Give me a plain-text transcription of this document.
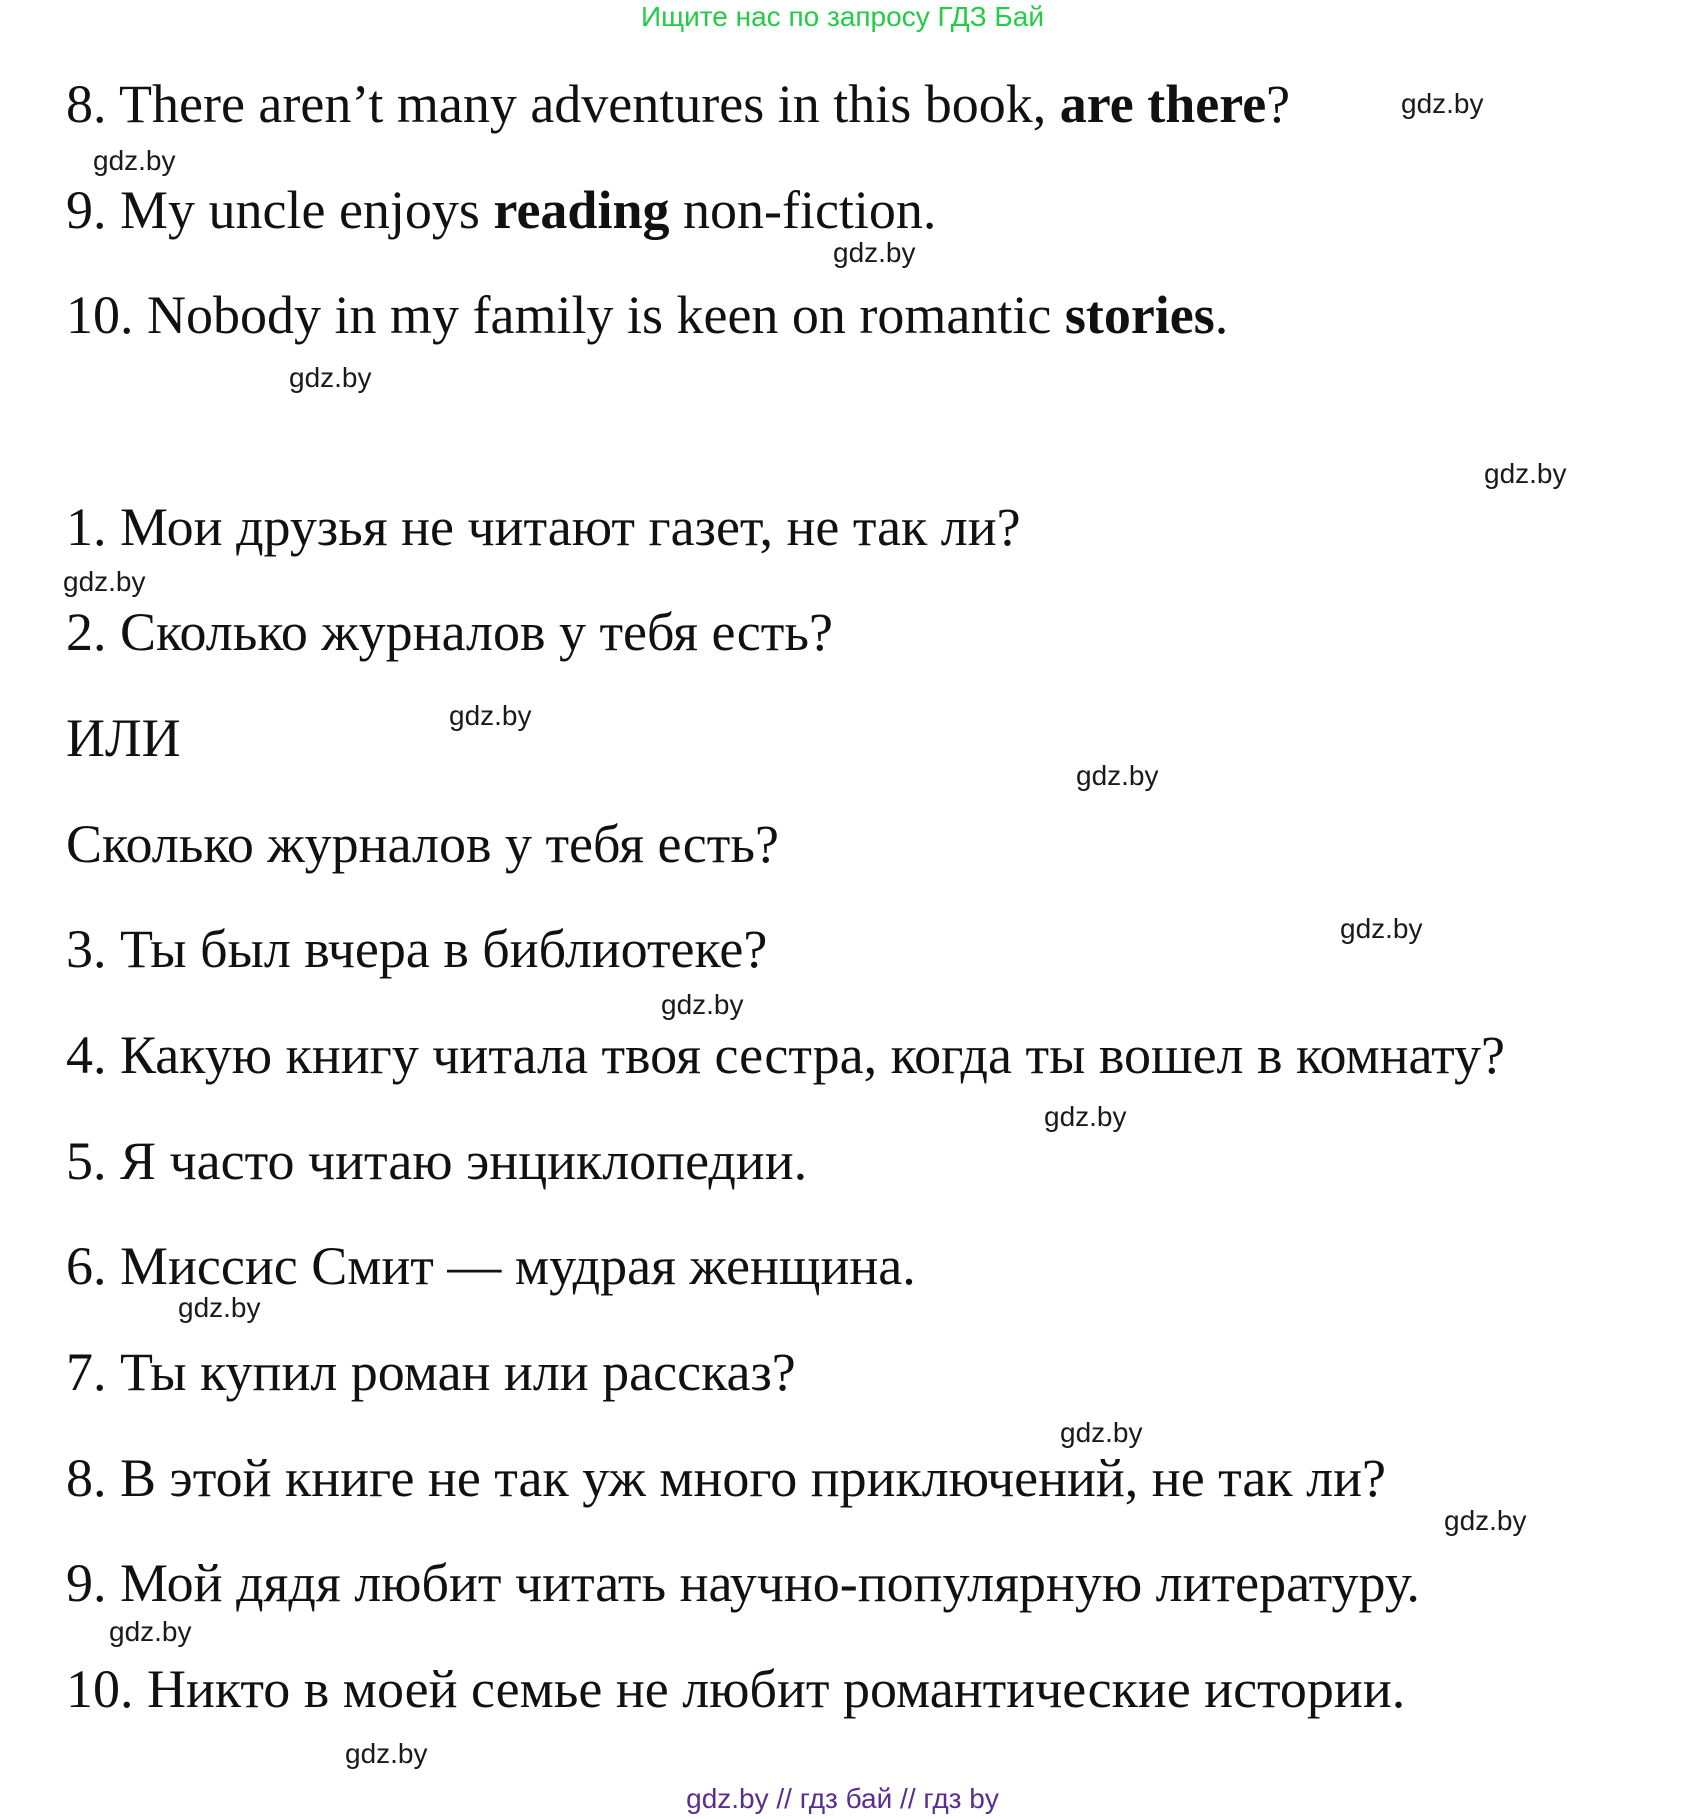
Ищите нас по запросу ГДЗ Бай
8. There aren’t many adventures in this book, are there?
9. My uncle enjoys reading non-fiction.
10. Nobody in my family is keen on romantic stories.
1. Мои друзья не читают газет, не так ли?
2. Сколько журналов у тебя есть?
ИЛИ
Сколько журналов у тебя есть?
3. Ты был вчера в библиотеке?
4. Какую книгу читала твоя сестра, когда ты вошел в комнату?
5. Я часто читаю энциклопедии.
6. Миссис Смит — мудрая женщина.
7. Ты купил роман или рассказ?
8. В этой книге не так уж много приключений, не так ли?
9. Мой дядя любит читать научно-популярную литературу.
10. Никто в моей семье не любит романтические истории.
gdz.by
gdz.by
gdz.by
gdz.by
gdz.by
gdz.by
gdz.by
gdz.by
gdz.by
gdz.by
gdz.by
gdz.by
gdz.by
gdz.by
gdz.by
gdz.by
gdz.by // гдз бай // гдз by
